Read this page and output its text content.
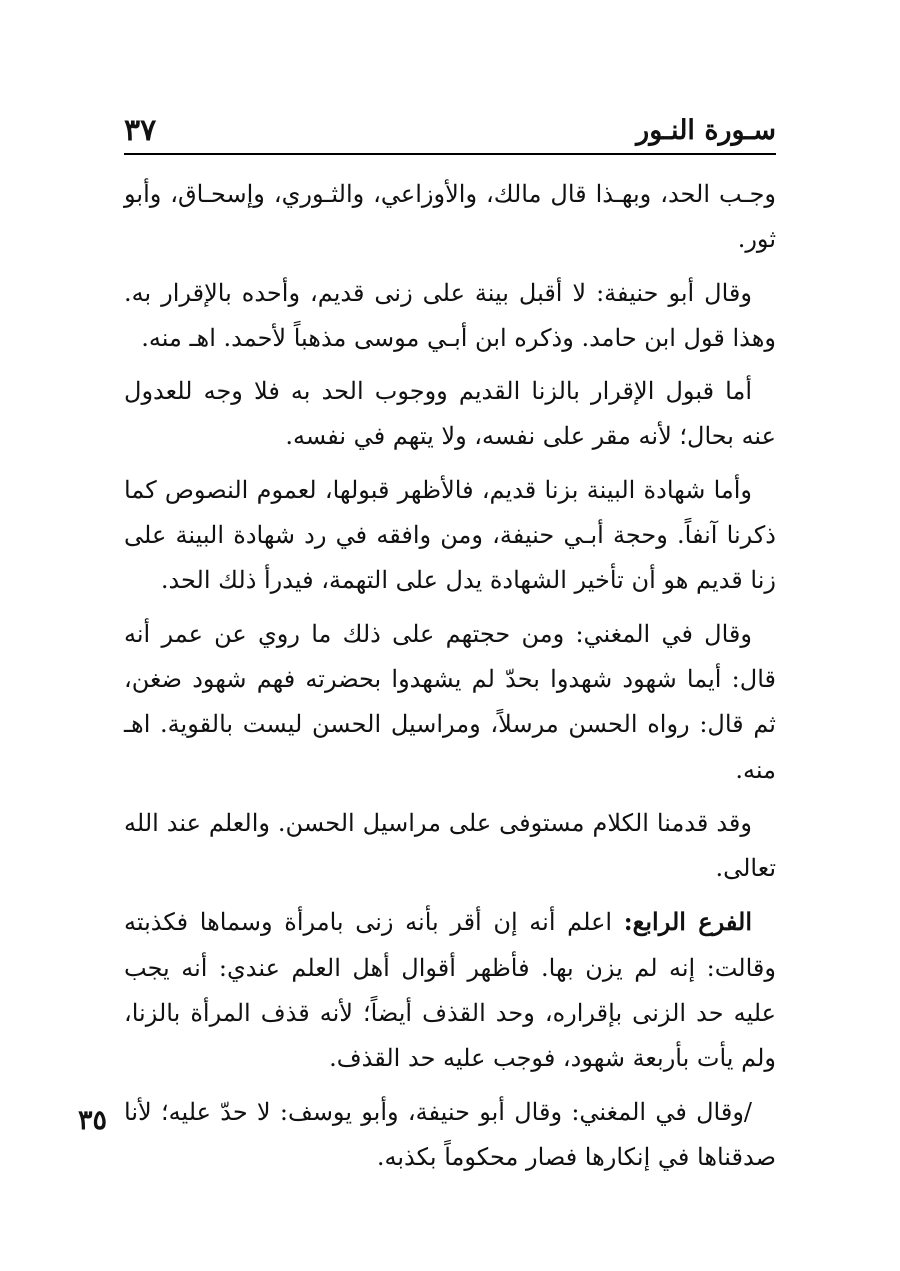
سـورة النـور
٣٧

وجـب الحد، وبهـذا قال مالك، والأوزاعي، والثـوري، وإسحـاق، وأبو ثور.

وقال أبو حنيفة: لا أقبل بينة على زنى قديم، وأحده بالإقرار به. وهذا قول ابن حامد. وذكره ابن أبـي موسى مذهباً لأحمد. اهـ منه.

أما قبول الإقرار بالزنا القديم ووجوب الحد به فلا وجه للعدول عنه بحال؛ لأنه مقر على نفسه، ولا يتهم في نفسه.

وأما شهادة البينة بزنا قديم، فالأظهر قبولها، لعموم النصوص كما ذكرنا آنفاً. وحجة أبـي حنيفة، ومن وافقه في رد شهادة البينة على زنا قديم هو أن تأخير الشهادة يدل على التهمة، فيدرأ ذلك الحد.

وقال في المغني: ومن حجتهم على ذلك ما روي عن عمر أنه قال: أيما شهود شهدوا بحدّ لم يشهدوا بحضرته فهم شهود ضغن، ثم قال: رواه الحسن مرسلاً، ومراسيل الحسن ليست بالقوية. اهـ منه.

وقد قدمنا الكلام مستوفى على مراسيل الحسن. والعلم عند الله تعالى.

الفرع الرابع: اعلم أنه إن أقر بأنه زنى بامرأة وسماها فكذبته وقالت: إنه لم يزن بها. فأظهر أقوال أهل العلم عندي: أنه يجب عليه حد الزنى بإقراره، وحد القذف أيضاً؛ لأنه قذف المرأة بالزنا، ولم يأت بأربعة شهود، فوجب عليه حد القذف.

/وقال في المغني: وقال أبو حنيفة، وأبو يوسف: لا حدّ عليه؛ لأنا صدقناها في إنكارها فصار محكوماً بكذبه.

٣٥
